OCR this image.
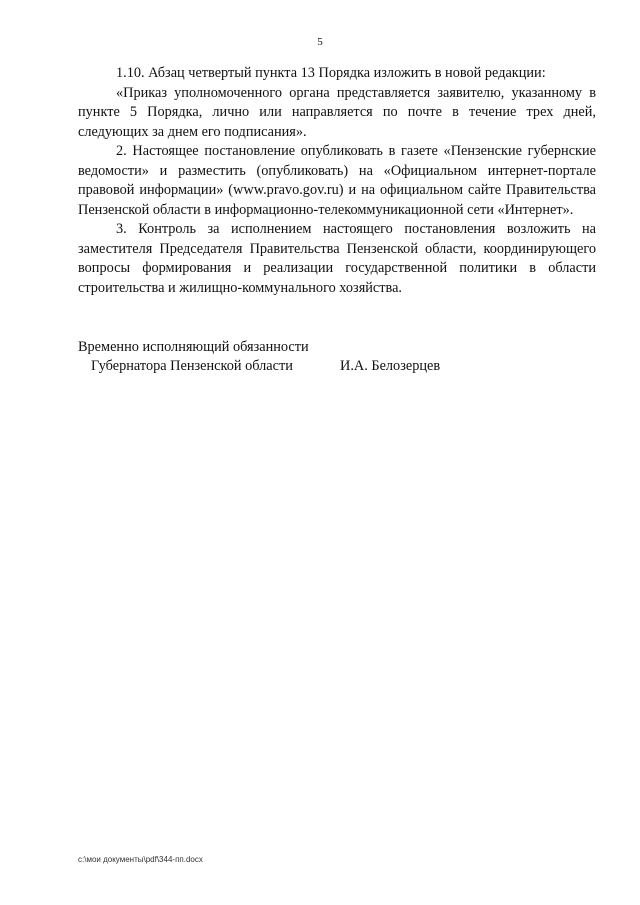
5

1.10. Абзац четвертый пункта 13 Порядка изложить в новой редакции:

«Приказ уполномоченного органа представляется заявителю, указанному в пункте 5 Порядка, лично или направляется по почте в течение трех дней, следующих за днем его подписания».

2. Настоящее постановление опубликовать в газете «Пензенские губернские ведомости» и разместить (опубликовать) на «Официальном интернет-портале правовой информации» (www.pravo.gov.ru) и на официальном сайте Правительства Пензенской области в информационно-телекоммуникационной сети «Интернет».

3. Контроль за исполнением настоящего постановления возложить на заместителя Председателя Правительства Пензенской области, координирующего вопросы формирования и реализации государственной политики в области строительства и жилищно-коммунального хозяйства.

Временно исполняющий обязанности
Губернатора Пензенской области	И.А. Белозерцев
c:\мои документы\pdf\344-пп.docx
